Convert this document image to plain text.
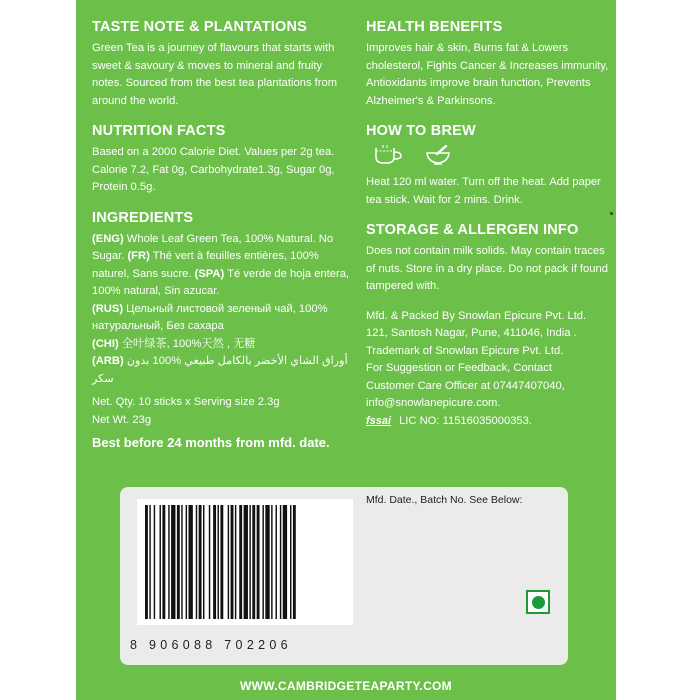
TASTE NOTE & PLANTATIONS

Green Tea is a journey of flavours that starts with sweet & savoury & moves to mineral and fruity notes. Sourced from the best tea plantations from around the world.

NUTRITION FACTS

Based on a 2000 Calorie Diet. Values per 2g tea. Calorie 7.2, Fat 0g, Carbohydrate1.3g, Sugar 0g, Protein 0.5g.

INGREDIENTS

(ENG) Whole Leaf Green Tea, 100% Natural. No Sugar. (FR) Thé vert à feuilles entières, 100% naturel, Sans sucre. (SPA) Té verde de hoja entera, 100% natural, Sin azucar.

(RUS) Цельный листовой зеленый чай, 100% натуральный, Без сахара

(CHI) 全叶绿茶, 100%天然 , 无糖

(ARB) أوراق الشاي الأخضر بالكامل طبيعي %100 بدون سكر

Net. Qty. 10 sticks x Serving size 2.3g

Net Wt. 23g

Best before 24 months from mfd. date.

HEALTH BENEFITS

Improves hair & skin, Burns fat & Lowers cholesterol, Fights Cancer & Increases immunity, Antioxidants improve brain function, Prevents Alzheimer's & Parkinsons.

HOW TO BREW

Heat 120 ml water. Turn off the heat. Add paper tea stick. Wait for 2 mins. Drink.

STORAGE & ALLERGEN INFO

Does not contain milk solids. May contain traces of nuts. Store in a dry place. Do not pack if found tampered with.

Mfd. & Packed By Snowlan Epicure Pvt. Ltd.

121, Santosh Nagar, Pune, 411046, India .

Trademark of Snowlan Epicure Pvt. Ltd.

For Suggestion or Feedback, Contact

Customer Care Officer at 07447407040,

info@snowlanepicure.com.

fssai LIC NO: 11516035000353.

8 906088 702206
Mfd. Date., Batch No. See Below:
WWW.CAMBRIDGETEAPARTY.COM
